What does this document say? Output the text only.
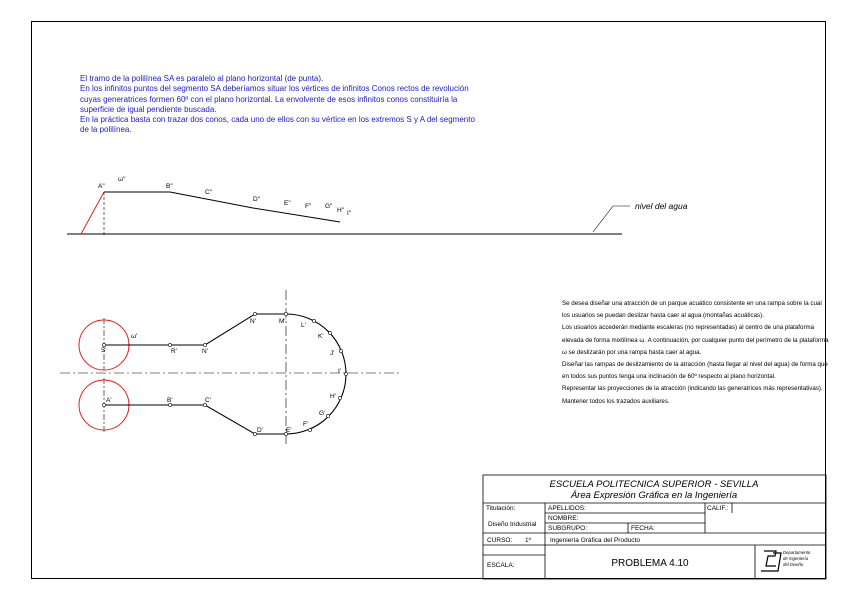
El tramo de la polilínea SA es paralelo al plano horizontal (de punta).

En los infinitos puntos del segmento SA deberíamos situar los vértices de infinitos Conos rectos de revolución cuyas generatrices formen 60º con el plano horizontal. La envolvente de esos infinitos conos constituiría la superficie de igual pendiente buscada.

En la práctica basta con trazar dos conos, cada uno de ellos con su vértice en los extremos S y A del segmento de la polilínea.

A"
ω"
B"
C"
D"
E" F" G"
H" I"
nivel del agua
S'
ω'
R'	N'
N'	M'
L'
K'
J'
I'
H'
G'
F'
E'
D'
C'
B'
A'
ESCUELA POLITECNICA SUPERIOR - SEVILLA
Área Expresión Gráfica en la Ingeniería
Titulación:
Diseño Industrial
APELLIDOS:
NOMBRE:
SUBGRUPO:	FECHA:
CALIF.:
CURSO: 1º	Ingeniería Gráfica del Producto
PROBLEMA 4.10
ESCALA:
Departamento
de Ingeniería
del Diseño

Se desea diseñar una atracción de un parque acuático consistente en una rampa sobre la cual los usuarios se puedan deslizar hasta caer al agua (montañas acuáticas).

Los usuarios accederán mediante escaleras (no representadas) al centro de una plataforma elevada de forma mixtilínea ω. A continuación, por cualquier punto del perímetro de la plataforma ω se deslizarán por una rampa hasta caer al agua.

Diseñar las rampas de deslizamiento de la atracción (hasta llegar al nivel del agua) de forma que en todos sus puntos tenga una inclinación de 60º respecto al plano horizontal.

Representar las proyecciones de la atracción (indicando las generatrices más representativas).

Mantener todos los trazados auxiliares.
